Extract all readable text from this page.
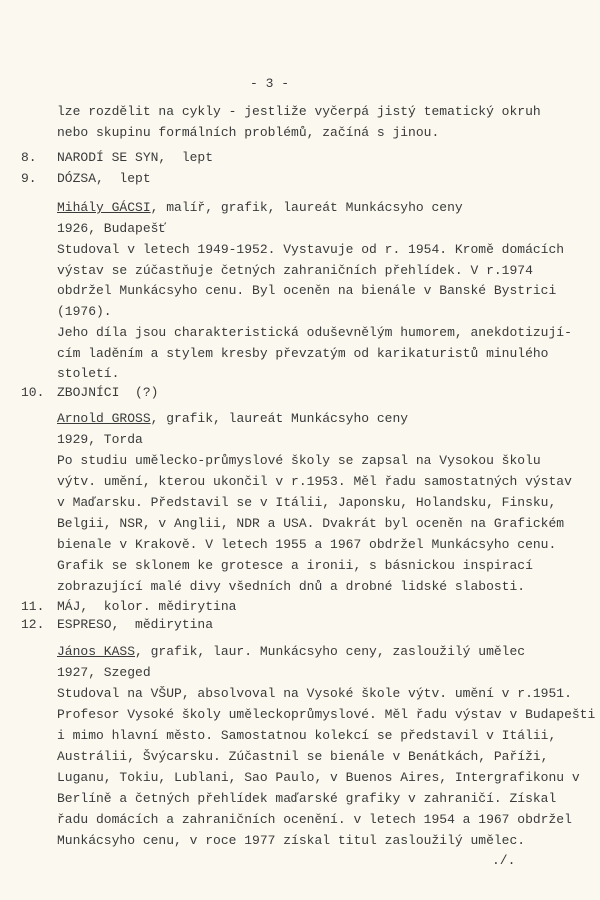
- 3 -
lze rozdělit na cykly - jestliže vyčerpá jistý tematický okruh
nebo skupinu formálních problémů, začíná s jinou.
8. NARODÍ SE SYN,  lept
9. DÓZSA,  lept
Mihály GÁCSI, malíř, grafik, laureát Munkácsyho ceny
1926, Budapešť
Studoval v letech 1949-1952. Vystavuje od r. 1954. Kromě domácích
výstav se zúčastňuje četných zahraničních přehlídek. V r.1974
obdržel Munkácsyho cenu. Byl oceněn na bienále v Banské Bystrici
(1976).
Jeho díla jsou charakteristická oduševnělým humorem, anekdotizují-
cím laděním a stylem kresby převzatým od karikaturistů minulého
století.
10. ZBOJNÍCI  (?)
Arnold GROSS, grafik, laureát Munkácsyho ceny
1929, Torda
Po studiu umělecko-průmyslové školy se zapsal na Vysokou školu
výtv. umění, kterou ukončil v r.1953. Měl řadu samostatných výstav
v Maďarsku. Představil se v Itálii, Japonsku, Holandsku, Finsku,
Belgii, NSR, v Anglii, NDR a USA. Dvakrát byl oceněn na Grafickém
bienale v Krakově. V letech 1955 a 1967 obdržel Munkácsyho cenu.
Grafik se sklonem ke grotesce a ironii, s básnickou inspirací
zobrazující malé divy všedních dnů a drobné lidské slabosti.
11. MÁJ,  kolor. mědirytina
12. ESPRESO,  mědirytina
János KASS, grafik, laur. Munkácsyho ceny, zasloužilý umělec
1927, Szeged
Studoval na VŠUP, absolvoval na Vysoké škole výtv. umění v r.1951.
Profesor Vysoké školy uměleckoprůmyslové. Měl řadu výstav v Budapešti
i mimo hlavní město. Samostatnou kolekcí se představil v Itálii,
Austrálii, Švýcarsku. Zúčastnil se bienále v Benátkách, Paříži,
Luganu, Tokiu, Lublani, Sao Paulo, v Buenos Aires, Intergrafikonu v
Berlíně a četných přehlídek maďarské grafiky v zahraničí. Získal
řadu domácích a zahraničních ocenění. v letech 1954 a 1967 obdržel
Munkácsyho cenu, v roce 1977 získal titul zasloužilý umělec.
./.
